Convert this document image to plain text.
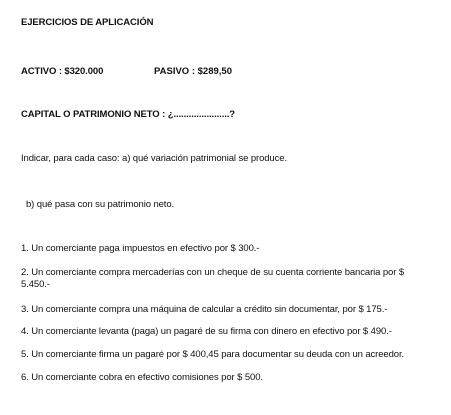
EJERCICIOS DE APLICACIÓN
ACTIVO : $320.000	PASIVO : $289,50
CAPITAL O PATRIMONIO NETO : ¿......................?
Indicar, para cada caso: a) qué variación patrimonial se produce.
b) qué pasa con su patrimonio neto.
1. Un comerciante paga impuestos en efectivo por $ 300.-
2. Un comerciante compra mercaderías con un cheque de su cuenta corriente bancaria por $
5.450.-
3. Un comerciante compra una máquina de calcular a crédito sin documentar, por $ 175.-
4. Un comerciante levanta (paga) un pagaré de su firma con dinero en efectivo por $ 490.-
5. Un comerciante firma un pagaré por $ 400,45 para documentar su deuda con un acreedor.
6. Un comerciante cobra en efectivo comisiones por $ 500.
